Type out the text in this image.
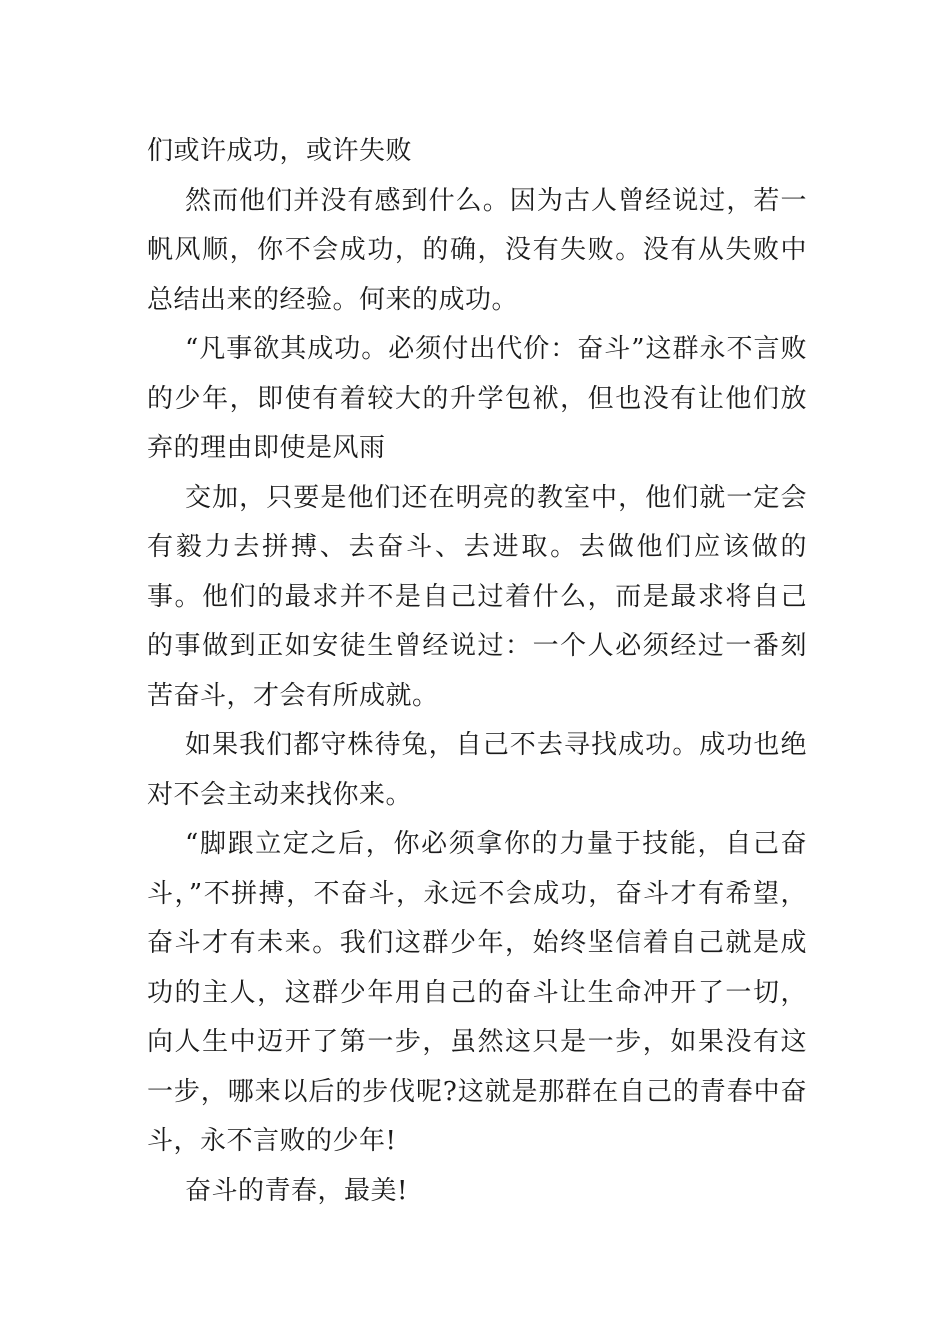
们或许成功，或许失败

然而他们并没有感到什么。因为古人曾经说过，若一帆风顺，你不会成功，的确，没有失败。没有从失败中总结出来的经验。何来的成功。

“凡事欲其成功。必须付出代价：奋斗”这群永不言败的少年，即使有着较大的升学包袱，但也没有让他们放弃的理由即使是风雨

交加，只要是他们还在明亮的教室中，他们就一定会有毅力去拼搏、去奋斗、去进取。去做他们应该做的事。他们的最求并不是自己过着什么，而是最求将自己的事做到正如安徒生曾经说过：一个人必须经过一番刻苦奋斗，才会有所成就。

如果我们都守株待兔，自己不去寻找成功。成功也绝对不会主动来找你来。

“脚跟立定之后，你必须拿你的力量于技能，自己奋斗，”不拼搏，不奋斗，永远不会成功，奋斗才有希望，奋斗才有未来。我们这群少年，始终坚信着自己就是成功的主人，这群少年用自己的奋斗让生命冲开了一切，向人生中迈开了第一步，虽然这只是一步，如果没有这一步，哪来以后的步伐呢?这就是那群在自己的青春中奋斗，永不言败的少年!

奋斗的青春，最美!
